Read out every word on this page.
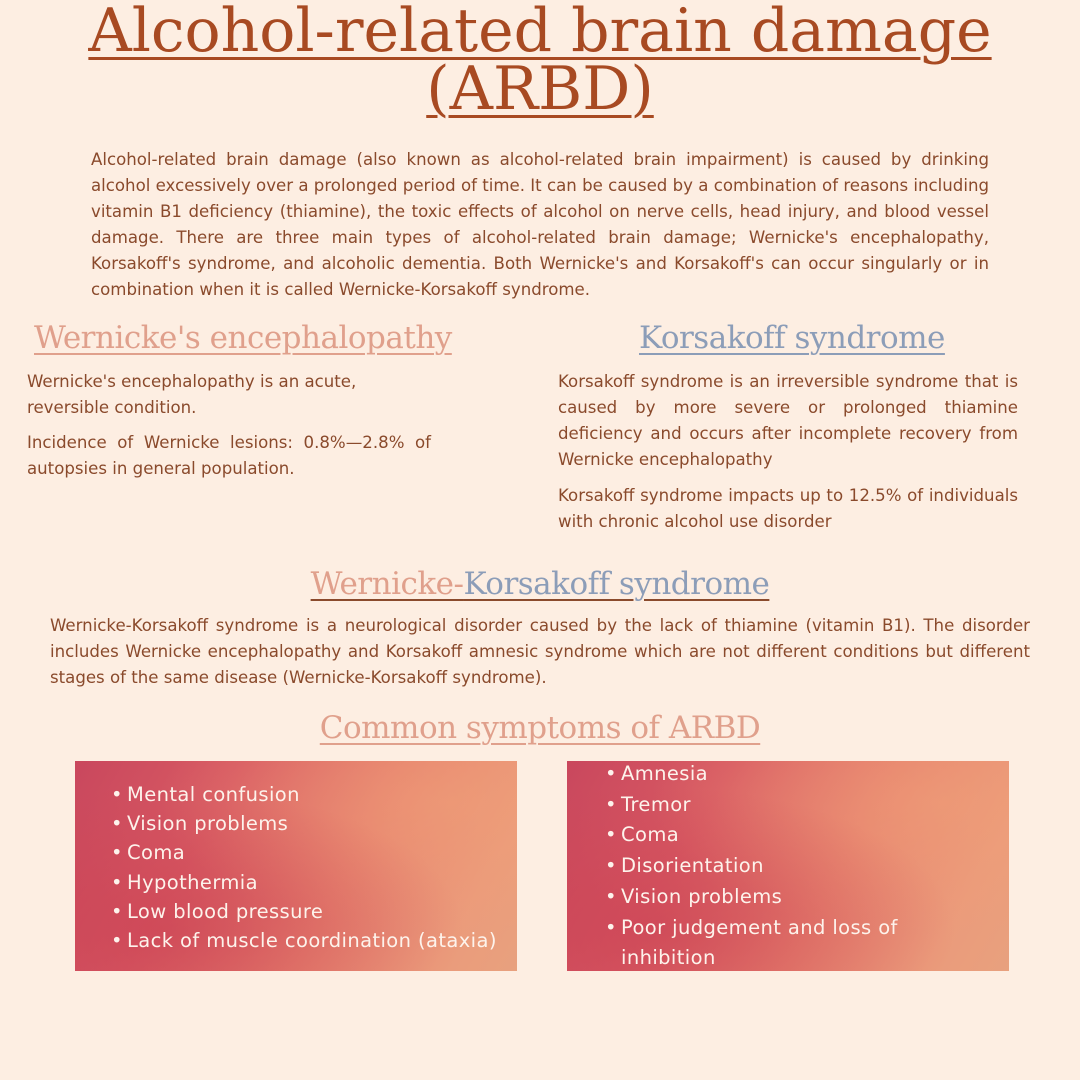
Alcohol-related brain damage
(ARBD)

Alcohol-related brain damage (also known as alcohol-related brain impairment) is caused by drinking alcohol excessively over a prolonged period of time. It can be caused by a combination of reasons including vitamin B1 deficiency (thiamine), the toxic effects of alcohol on nerve cells, head injury, and blood vessel damage. There are three main types of alcohol-related brain damage; Wernicke's encephalopathy, Korsakoff's syndrome, and alcoholic dementia. Both Wernicke's and Korsakoff's can occur singularly or in combination when it is called Wernicke-Korsakoff syndrome.

Wernicke's encephalopathy

Wernicke's encephalopathy is an acute, reversible condition.

Incidence of Wernicke lesions: 0.8%—2.8% of autopsies in general population.

Korsakoff syndrome

Korsakoff syndrome is an irreversible syndrome that is caused by more severe or prolonged thiamine deficiency and occurs after incomplete recovery from Wernicke encephalopathy

Korsakoff syndrome impacts up to 12.5% of individuals with chronic alcohol use disorder

Wernicke-Korsakoff syndrome

Wernicke-Korsakoff syndrome is a neurological disorder caused by the lack of thiamine (vitamin B1). The disorder includes Wernicke encephalopathy and Korsakoff amnesic syndrome which are not different conditions but different stages of the same disease (Wernicke-Korsakoff syndrome).

Common symptoms of ARBD
• Mental confusion
• Vision problems
• Coma
• Hypothermia
• Low blood pressure
• Lack of muscle coordination (ataxia)
• Amnesia
• Tremor
• Coma
• Disorientation
• Vision problems
• Poor judgement and loss of inhibition
